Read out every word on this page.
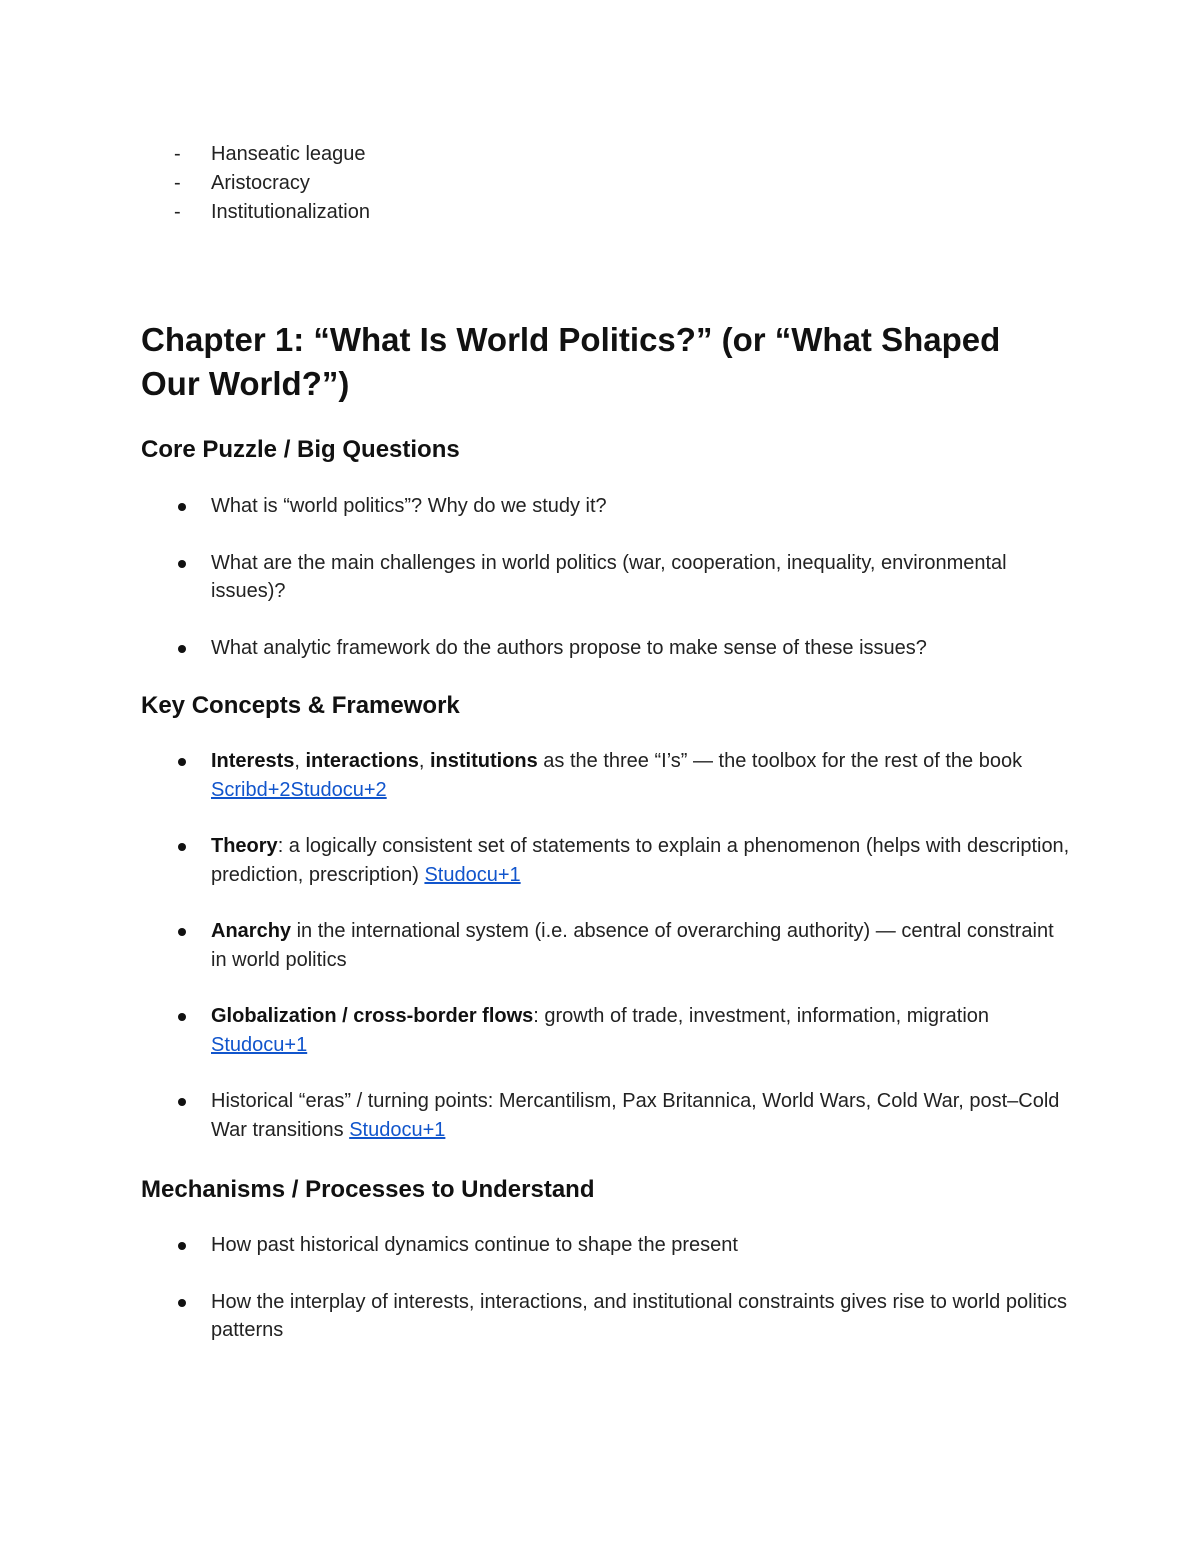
- Hanseatic league
- Aristocracy
- Institutionalization
Chapter 1: “What Is World Politics?” (or “What Shaped Our World?”)
Core Puzzle / Big Questions
What is “world politics”? Why do we study it?
What are the main challenges in world politics (war, cooperation, inequality, environmental issues)?
What analytic framework do the authors propose to make sense of these issues?
Key Concepts & Framework
Interests, interactions, institutions as the three “I’s” — the toolbox for the rest of the book Scribd+2Studocu+2
Theory: a logically consistent set of statements to explain a phenomenon (helps with description, prediction, prescription) Studocu+1
Anarchy in the international system (i.e. absence of overarching authority) — central constraint in world politics
Globalization / cross-border flows: growth of trade, investment, information, migration Studocu+1
Historical “eras” / turning points: Mercantilism, Pax Britannica, World Wars, Cold War, post–Cold War transitions Studocu+1
Mechanisms / Processes to Understand
How past historical dynamics continue to shape the present
How the interplay of interests, interactions, and institutional constraints gives rise to world politics patterns
